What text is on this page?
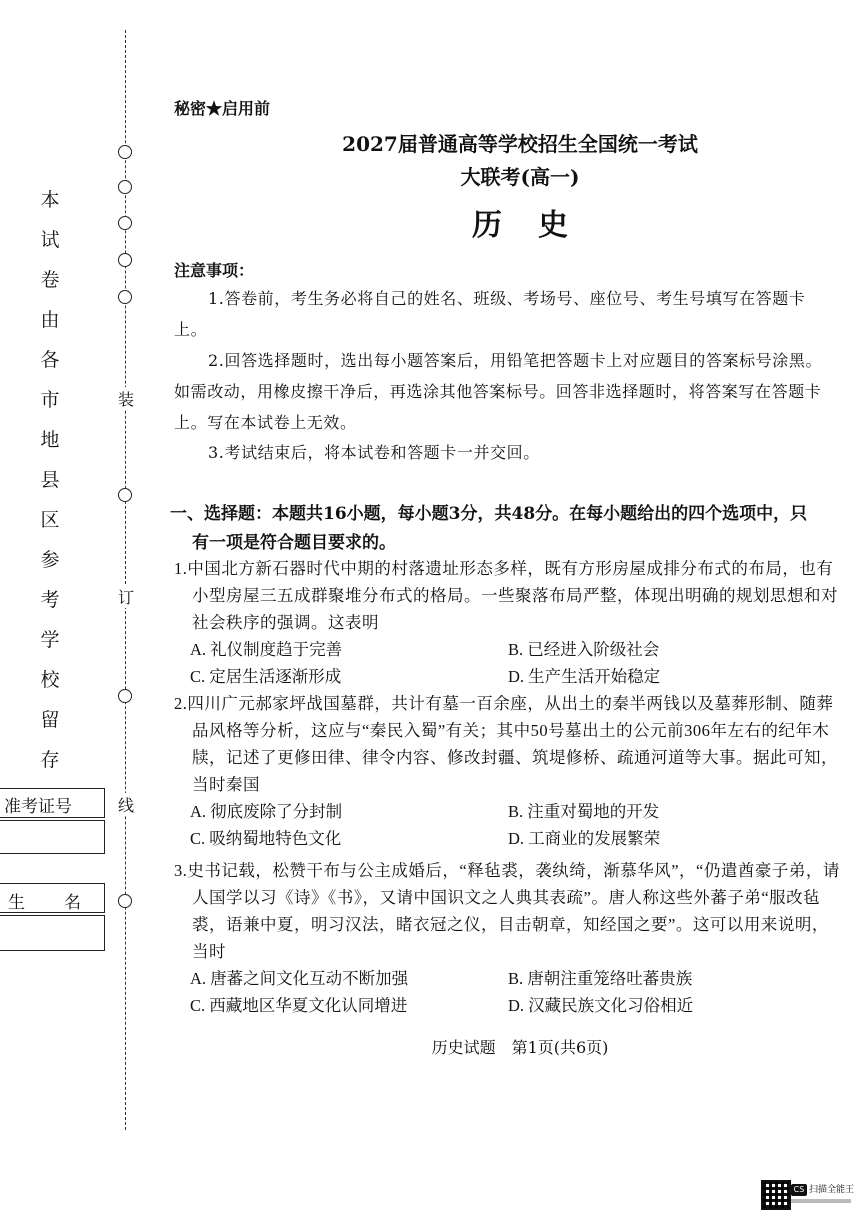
装
订
线
本
试
卷
由
各
市
地
县
区
参
考
学
校
留
存
准考证号
生 名
秘密★启用前
2027届普通高等学校招生全国统一考试
大联考(高一)
历史
注意事项：
1.答卷前，考生务必将自己的姓名、班级、考场号、座位号、考生号填写在答题卡上。
2.回答选择题时，选出每小题答案后，用铅笔把答题卡上对应题目的答案标号涂黑。如需改动，用橡皮擦干净后，再选涂其他答案标号。回答非选择题时，将答案写在答题卡上。写在本试卷上无效。
3.考试结束后，将本试卷和答题卡一并交回。
一、选择题：本题共16小题，每小题3分，共48分。在每小题给出的四个选项中，只
有一项是符合题目要求的。
1.中国北方新石器时代中期的村落遗址形态多样，既有方形房屋成排分布式的布局，也有小型房屋三五成群聚堆分布式的格局。一些聚落布局严整，体现出明确的规划思想和对社会秩序的强调。这表明
A. 礼仪制度趋于完善	B. 已经进入阶级社会
C. 定居生活逐渐形成	D. 生产生活开始稳定
2.四川广元郝家坪战国墓群，共计有墓一百余座，从出土的秦半两钱以及墓葬形制、随葬品风格等分析，这应与“秦民入蜀”有关；其中50号墓出土的公元前306年左右的纪年木牍，记述了更修田律、律令内容、修改封疆、筑堤修桥、疏通河道等大事。据此可知，当时秦国
A. 彻底废除了分封制	B. 注重对蜀地的开发
C. 吸纳蜀地特色文化	D. 工商业的发展繁荣
3.史书记载，松赞干布与公主成婚后，“释毡裘，袭纨绮，渐慕华风”，“仍遣酋豪子弟，请人国学以习《诗》《书》，又请中国识文之人典其表疏”。唐人称这些外蕃子弟“服改毡裘，语兼中夏，明习汉法，睹衣冠之仪，目击朝章，知经国之要”。这可以用来说明，当时
A. 唐蕃之间文化互动不断加强	B. 唐朝注重笼络吐蕃贵族
C. 西藏地区华夏文化认同增进	D. 汉藏民族文化习俗相近
历史试题　第1页(共6页)
CS 扫描全能王
